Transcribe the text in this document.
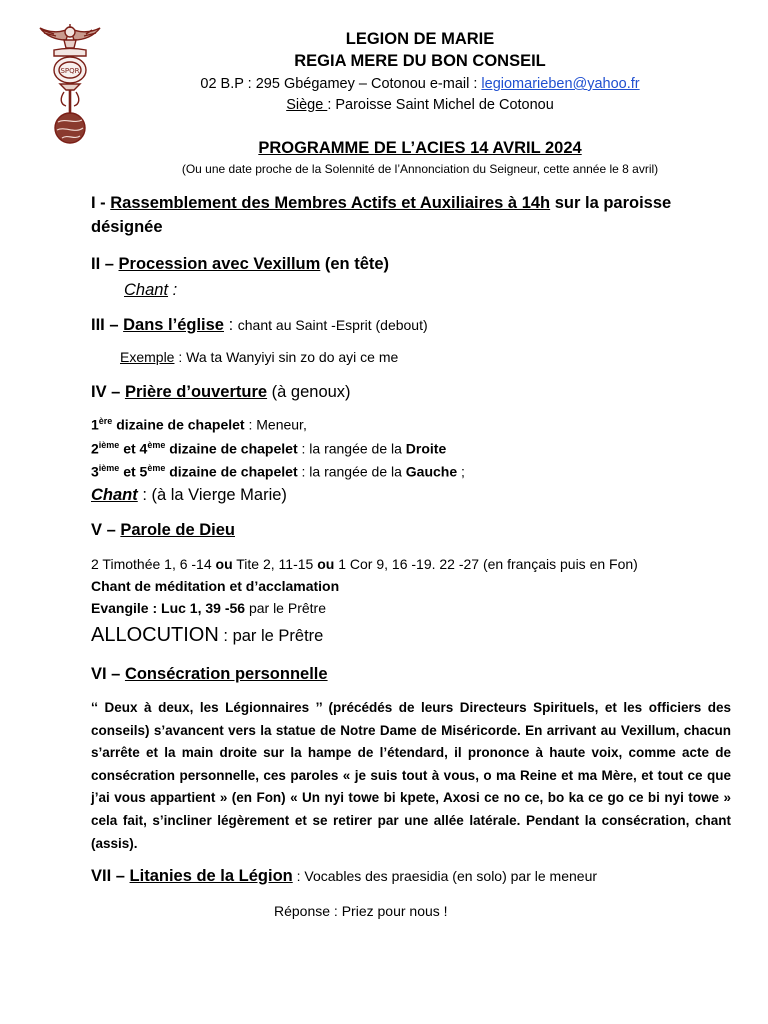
SPQR
LEGION DE MARIE
REGIA MERE DU BON CONSEIL
02 B.P : 295 Gbégamey – Cotonou e-mail : legiomarieben@yahoo.fr
Siège : Paroisse Saint Michel de Cotonou
PROGRAMME DE L’ACIES 14 AVRIL 2024
(Ou une date proche de la Solennité de l’Annonciation du Seigneur, cette année le 8 avril)
I - Rassemblement des Membres Actifs et Auxiliaires à 14h sur la paroisse désignée
II – Procession avec Vexillum (en tête)
Chant :
III – Dans l’église : chant au Saint -Esprit (debout)
Exemple : Wa ta Wanyiyi sin zo do ayi ce me
IV – Prière d’ouverture (à genoux)
1ère dizaine de chapelet : Meneur,
2ième et 4ème dizaine de chapelet : la rangée de la Droite
3ième et 5ème dizaine de chapelet : la rangée de la Gauche ;
Chant : (à la Vierge Marie)
V – Parole de Dieu
2 Timothée 1, 6 -14 ou Tite 2, 11-15 ou 1 Cor 9, 16 -19. 22 -27 (en français puis en Fon)
Chant de méditation et d’acclamation
Evangile : Luc 1, 39 -56 par le Prêtre
ALLOCUTION : par le Prêtre
VI – Consécration personnelle
‘‘ Deux à deux, les Légionnaires ’’ (précédés de leurs Directeurs Spirituels, et les officiers des conseils) s’avancent vers la statue de Notre Dame de Miséricorde. En arrivant au Vexillum, chacun s’arrête et la main droite sur la hampe de l’étendard, il prononce à haute voix, comme acte de consécration personnelle, ces paroles « je suis tout à vous, o ma Reine et ma Mère, et tout ce que j’ai vous appartient » (en Fon) « Un nyi towe bi kpete, Axosi ce no ce, bo ka ce go ce bi nyi towe » cela fait, s’incliner légèrement et se retirer par une allée latérale. Pendant la consécration, chant (assis).
VII – Litanies de la Légion : Vocables des praesidia (en solo) par le meneur
Réponse : Priez pour nous !
